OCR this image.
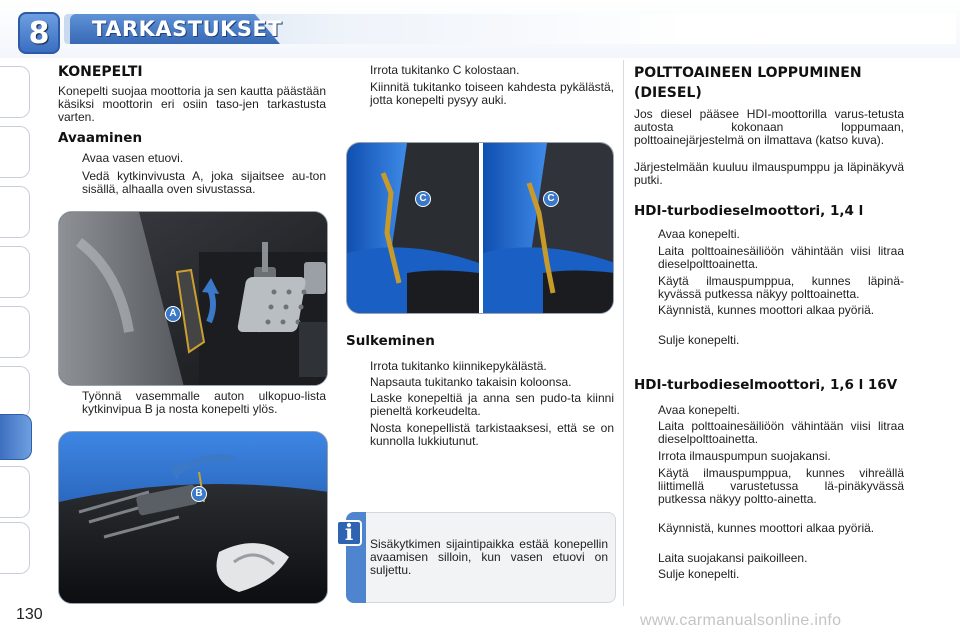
8	TARKASTUKSET
130
KONEPELTI
Konepelti suojaa moottoria ja sen kautta päästään käsiksi moottorin eri osiin taso-jen tarkastusta varten.
Avaaminen
Avaa vasen etuovi.
Vedä kytkinvivusta A, joka sijaitsee au-ton sisällä, alhaalla oven sivustassa.
A
Työnnä vasemmalle auton ulkopuo-lista kytkinvipua B ja nosta konepelti ylös.
B
Irrota tukitanko C kolostaan.
Kiinnitä tukitanko toiseen kahdesta pykälästä, jotta konepelti pysyy auki.
C	C
Sulkeminen
Irrota tukitanko kiinnikepykälästä.
Napsauta tukitanko takaisin koloonsa.
Laske konepeltiä ja anna sen pudo-ta kiinni pieneltä korkeudelta.
Nosta konepellistä tarkistaaksesi, että se on kunnolla lukkiutunut.
i	Sisäkytkimen sijaintipaikka estää konepellin avaamisen silloin, kun vasen etuovi on suljettu.
POLTTOAINEEN LOPPUMINEN (DIESEL)
Jos diesel pääsee HDI-moottorilla varus-tetusta autosta kokonaan loppumaan, polttoainejärjestelmä on ilmattava (katso kuva).
Järjestelmään kuuluu ilmauspumppu ja läpinäkyvä putki.
HDI-turbodieselmoottori, 1,4 l
Avaa konepelti.
Laita polttoainesäiliöön vähintään viisi litraa dieselpolttoainetta.
Käytä ilmauspumppua, kunnes läpinä-kyvässä putkessa näkyy polttoainetta.
Käynnistä, kunnes moottori alkaa pyöriä.
Sulje konepelti.
HDI-turbodieselmoottori, 1,6 l 16V
Avaa konepelti.
Laita polttoainesäiliöön vähintään viisi litraa dieselpolttoainetta.
Irrota ilmauspumpun suojakansi.
Käytä ilmauspumppua, kunnes vihreällä liittimellä varustetussa lä-pinäkyvässä putkessa näkyy poltto-ainetta.
Käynnistä, kunnes moottori alkaa pyöriä.
Laita suojakansi paikoilleen.
Sulje konepelti.
www.carmanualsonline.info
